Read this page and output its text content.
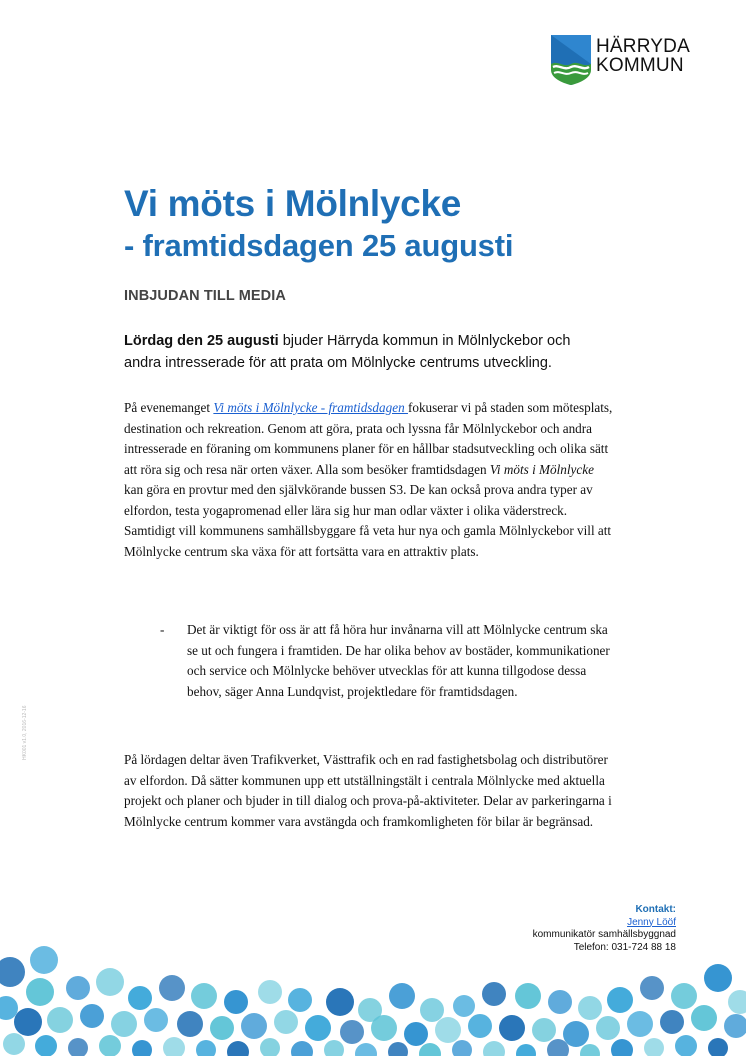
HÄRRYDA
KOMMUN
Vi möts i Mölnlycke
- framtidsdagen 25 augusti
INBJUDAN TILL MEDIA

Lördag den 25 augusti bjuder Härryda kommun in Mölnlyckebor och andra intresserade för att prata om Mölnlycke centrums utveckling.

På evenemanget Vi möts i Mölnlycke - framtidsdagen fokuserar vi på staden som mötesplats, destination och rekreation. Genom att göra, prata och lyssna får Mölnlyckebor och andra intresserade en föraning om kommunens planer för en hållbar stadsutveckling och olika sätt att röra sig och resa när orten växer. Alla som besöker framtidsdagen Vi möts i Mölnlycke kan göra en provtur med den självkörande bussen S3. De kan också prova andra typer av elfordon, testa yogapromenad eller lära sig hur man odlar växter i olika väderstreck.
Samtidigt vill kommunens samhällsbyggare få veta hur nya och gamla Mölnlyckebor vill att Mölnlycke centrum ska växa för att fortsätta vara en attraktiv plats.

-	Det är viktigt för oss är att få höra hur invånarna vill att Mölnlycke centrum ska se ut och fungera i framtiden. De har olika behov av bostäder, kommunikationer och service och Mölnlycke behöver utvecklas för att kunna tillgodose dessa behov, säger Anna Lundqvist, projektledare för framtidsdagen.

På lördagen deltar även Trafikverket, Västtrafik och en rad fastighetsbolag och distributörer av elfordon. Då sätter kommunen upp ett utställningstält i centrala Mölnlycke med aktuella projekt och planer och bjuder in till dialog och prova-på-aktiviteter. Delar av parkeringarna i Mölnlycke centrum kommer vara avstängda och framkomligheten för bilar är begränsad.

HK001 v1.0, 2016-12-16
Kontakt:
Jenny Lööf
kommunikatör samhällsbyggnad
Telefon: 031-724 88 18
